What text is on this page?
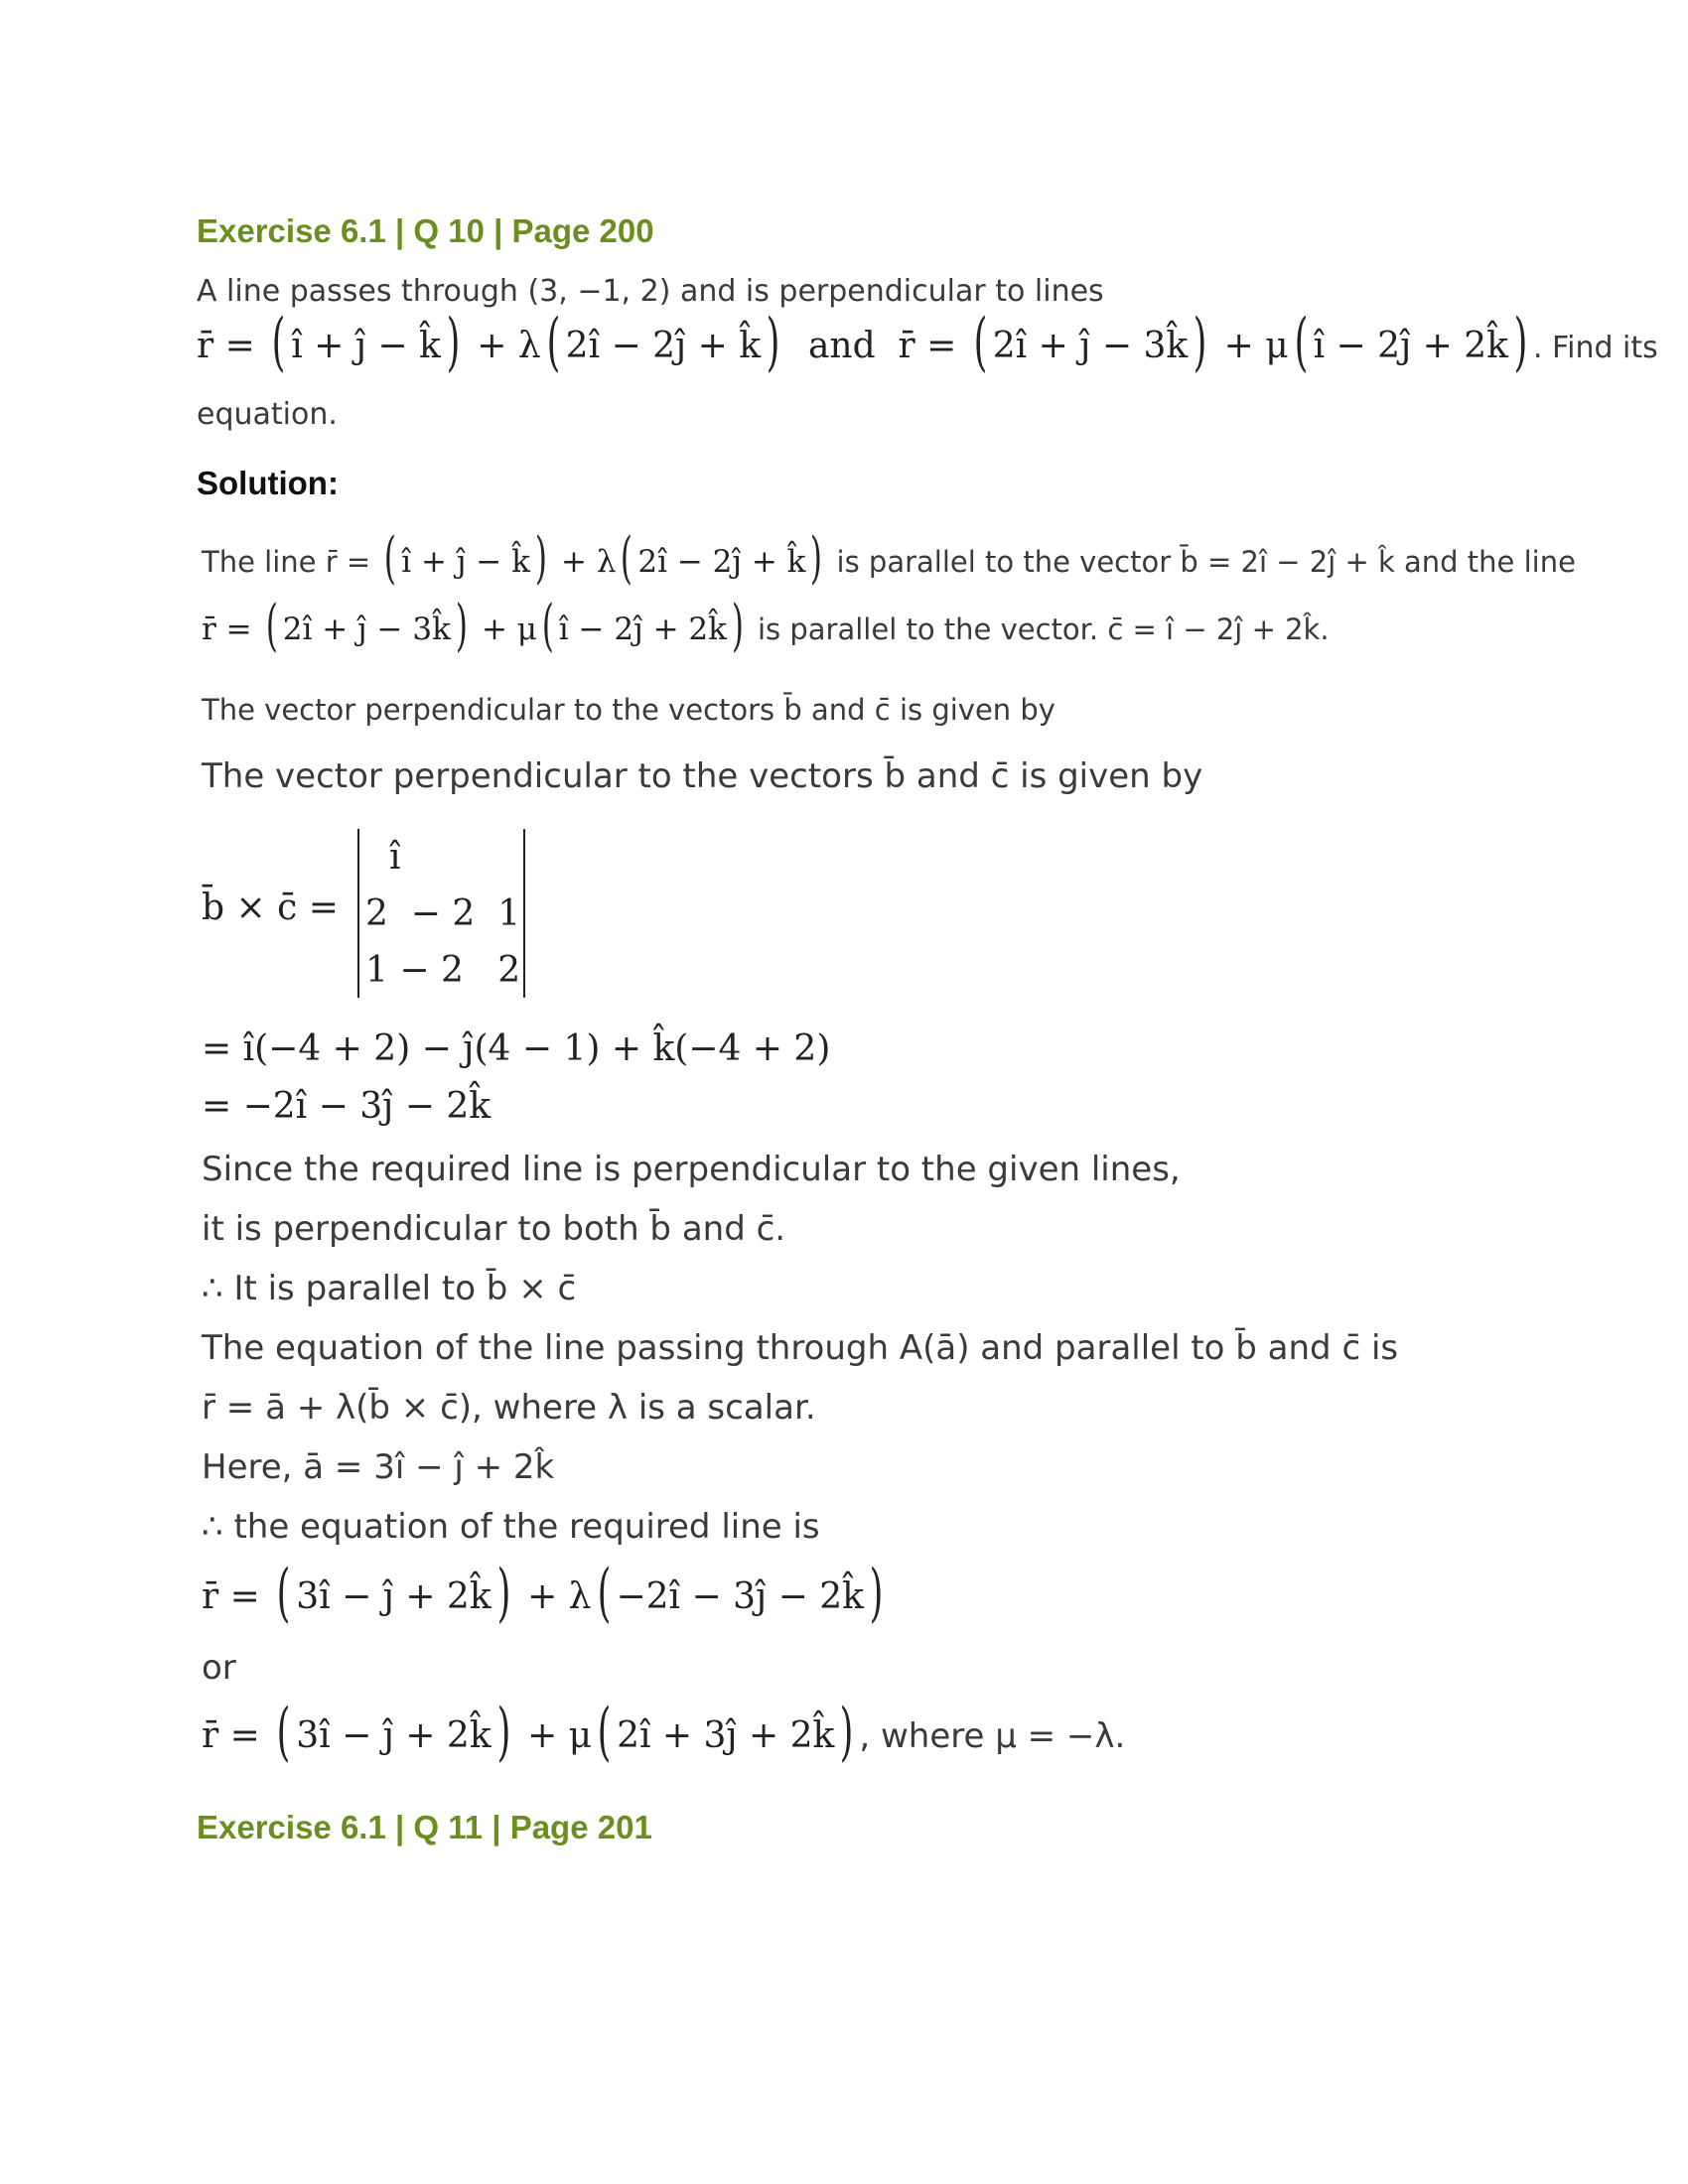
Exercise 6.1 | Q 10 | Page 200
A line passes through (3, −1, 2) and is perpendicular to lines
r̄ = ( î + ĵ − k̂) + λ( 2î − 2ĵ + k̂) and r̄ = ( 2î + ĵ − 3k̂) + μ( î − 2ĵ + 2k̂) . Find its
equation.
Solution:
The line r̄ = ( î + ĵ − k̂) + λ( 2î − 2ĵ + k̂) is parallel to the vector b̄ = 2î − 2ĵ + k̂ and the line
r̄ = ( 2î + ĵ − 3k̂) + μ( î − 2ĵ + 2k̂) is parallel to the vector. c̄ = î − 2ĵ + 2k̂.
The vector perpendicular to the vectors b̄ and c̄ is given by
The vector perpendicular to the vectors b̄ and c̄ is given by
b̄ × c̄ =
î
2  − 2  1
1 − 2   2
= î(−4 + 2) − ĵ(4 − 1) + k̂(−4 + 2)
= −2î − 3ĵ − 2k̂
Since the required line is perpendicular to the given lines,
it is perpendicular to both b̄ and c̄.
∴ It is parallel to b̄ × c̄
The equation of the line passing through A(ā) and parallel to b̄ and c̄ is
r̄ = ā + λ(b̄ × c̄), where λ is a scalar.
Here, ā = 3î − ĵ + 2k̂
∴ the equation of the required line is
r̄ = ( 3î − ĵ + 2k̂) + λ( −2î − 3ĵ − 2k̂)
or
r̄ = ( 3î − ĵ + 2k̂) + μ( 2î + 3ĵ + 2k̂) , where μ = −λ.
Exercise 6.1 | Q 11 | Page 201
